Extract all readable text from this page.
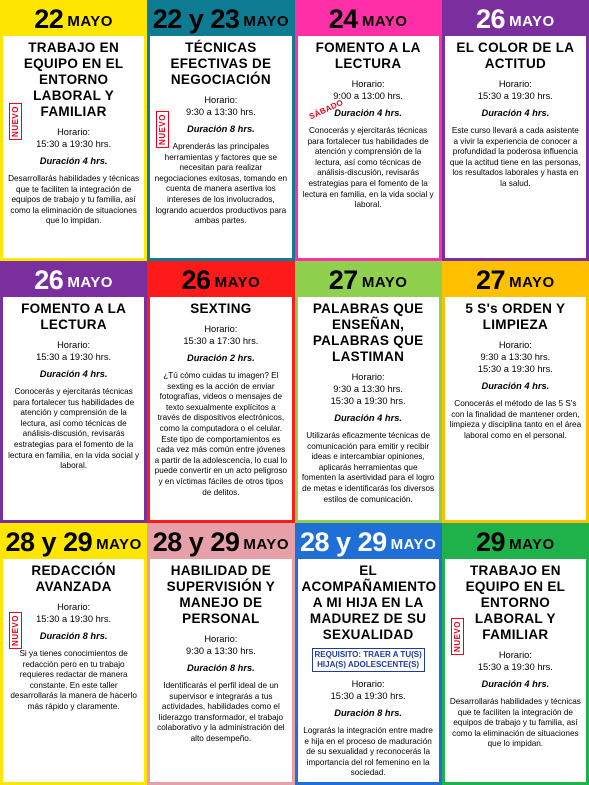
22 MAYO
TRABAJO EN EQUIPO EN EL ENTORNO LABORAL Y FAMILIAR
Horario:
15:30 a 19:30 hrs.
Duración 4 hrs.
Desarrollarás habilidades y técnicas que te faciliten la integración de equipos de trabajo y tu familia, así como la eliminación de situaciones que lo impidan.
NUEVO
22 y 23 MAYO
TÉCNICAS EFECTIVAS DE NEGOCIACIÓN
Horario:
9:30 a 13:30 hrs.
Duración 8 hrs.
Aprenderás las principales herramientas y factores que se necesitan para realizar negociaciones exitosas, tomando en cuenta de manera asertiva los intereses de los involucrados, logrando acuerdos productivos para ambas partes.
NUEVO
24 MAYO
FOMENTO A LA LECTURA
Horario:
9:00 a 13:00 hrs.
Duración 4 hrs.
Conocerás y ejercitarás técnicas para fortalecer tus habilidades de atención y comprensión de la lectura, así como técnicas de análisis-discusión, revisarás estrategias para el fomento de la lectura en familia, en la vida social y laboral.
SÁBADO
26 MAYO
EL COLOR DE LA ACTITUD
Horario:
15:30 a 19:30 hrs.
Duración 4 hrs.
Este curso llevará a cada asistente a vivir la experiencia de conocer a profundidad la poderosa influencia que la actitud tiene en las personas, los resultados laborales y hasta en la salud.
26 MAYO
FOMENTO A LA LECTURA
Horario:
15:30 a 19:30 hrs.
Duración 4 hrs.
Conocerás y ejercitarás técnicas para fortalecer tus habilidades de atención y comprensión de la lectura, así como técnicas de análisis-discusión, revisarás estrategias para el fomento de la lectura en familia, en la vida social y laboral.
26 MAYO
SEXTING
Horario:
15:30 a 17:30 hrs.
Duración 2 hrs.
¿Tú cómo cuidas tu imagen? El sexting es la acción de enviar fotografías, videos o mensajes de texto sexualmente explícitos a través de dispositivos electrónicos, como la computadora o el celular. Este tipo de comportamientos es cada vez más común entre jóvenes a partir de la adolescencia, lo cual lo puede convertir en un acto peligroso y en víctimas fáciles de otros tipos de delitos.
27 MAYO
PALABRAS QUE ENSEÑAN, PALABRAS QUE LASTIMAN
Horario:
9:30 a 13:30 hrs.
15:30 a 19:30 hrs.
Duración 4 hrs.
Utilizarás eficazmente técnicas de comunicación para emitir y recibir ideas e intercambiar opiniones, aplicarás herramientas que fomenten la asertividad para el logro de metas e identificarás los diversos estilos de comunicación.
27 MAYO
5 S's ORDEN Y LIMPIEZA
Horario:
9:30 a 13:30 hrs.
15:30 a 19:30 hrs.
Duración 4 hrs.
Conocerás el método de las 5 S's con la finalidad de mantener orden, limpieza y disciplina tanto en el área laboral como en el personal.
28 y 29 MAYO
REDACCIÓN AVANZADA
Horario:
15:30 a 19:30 hrs.
Duración 8 hrs.
Si ya tienes conocimientos de redacción pero en tu trabajo requieres redactar de manera constante. En este taller desarrollarás la manera de hacerlo más rápido y claramente.
NUEVO
28 y 29 MAYO
HABILIDAD DE SUPERVISIÓN Y MANEJO DE PERSONAL
Horario:
9:30 a 13:30 hrs.
Duración 8 hrs.
Identificarás el perfil ideal de un supervisor e integrarás a tus actividades, habilidades como el liderazgo transformador, el trabajo colaborativo y la administración del alto desempeño.
28 y 29 MAYO
EL ACOMPAÑAMIENTO A MI HIJA EN LA MADUREZ DE SU SEXUALIDAD
REQUISITO: TRAER A TU(S) HIJA(S) ADOLESCENTE(S)
Horario:
15:30 a 19:30 hrs.
Duración 8 hrs.
Lograrás la integración entre madre e hija en el proceso de maduración de su sexualidad y reconocerás la importancia del rol femenino en la sociedad.
29 MAYO
TRABAJO EN EQUIPO EN EL ENTORNO LABORAL Y FAMILIAR
Horario:
15:30 a 19:30 hrs.
Duración 4 hrs.
Desarrollarás habilidades y técnicas que te faciliten la integración de equipos de trabajo y tu familia, así como la eliminación de situaciones que lo impidan.
NUEVO
